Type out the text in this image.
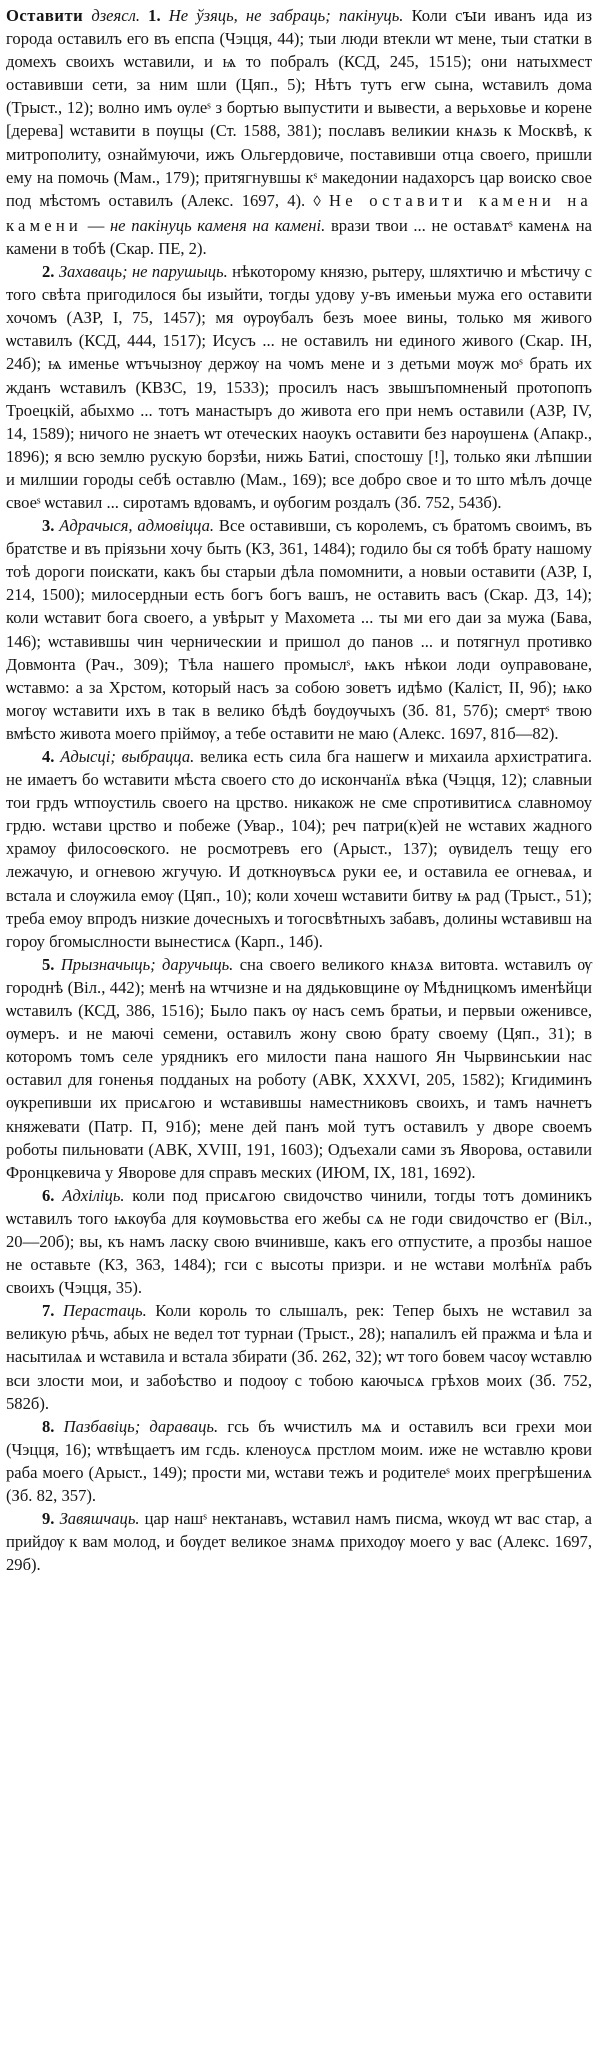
Оставити дзеясл. 1. Не ўзяць, не забраць; пакінуць. Коли сꙑи иванъ ида из города оставилъ его въ епспа (Чэцця, 44); тыи люди втекли ѡт мене, тыи статки в домехъ своихъ ѡставили, и ѩ то побралъ (КСД, 245, 1515); они натыхмест оставивши сети, за ним шли (Цяп., 5); Нѣтъ тутъ егѡ сына, ѡставилъ дома (Трыст., 12); волно имъ ѹлеˢ з бортью выпустити и вывести, а верьховье и корене [дерева] ѡставити в пѹщы (Ст. 1588, 381); пославъ великии кнѧзь к Москвѣ, к митрополиту, ознаймуючи, ижъ Ольгердовиче, поставивши отца своего, пришли ему на помочь (Мам., 179); притягнувшы кˢ македонии надахорсъ цар воиско свое под мѣстомъ оставилъ (Алекс. 1697, 4). ◊ Не оставити камени на камени — не пакінуць каменя на камені. врази твои ... не оставѧтˢ каменѧ на камени в тобѣ (Скар. ПЕ, 2).

2. Захаваць; не парушыць. нѣкоторому князю, рытеру, шляхтичю и мѣстичу с того свѣта пригодилося бы изыйти, тогды удову у-въ имењьи мужа его оставити хочомъ (АЗР, I, 75, 1457); мя ѹрѹбалъ безъ моее вины, только мя живого ѡставилъ (КСД, 444, 1517); Исусъ ... не оставилъ ни единого живого (Скар. IН, 24б); ѩ именье ѡтъчызнѹ держѹ на чомъ мене и з детьми мѹж моˢ брать их жданъ ѡставилъ (КВЗС, 19, 1533); просилъ насъ звышъпомненый протопопъ Троецкій, абыхмо ... тотъ манастыръ до живота его при немъ оставили (АЗР, IV, 14, 1589); ничого не знаетъ ѡт отеческих наоукъ оставити без нарѹшенѧ (Апакр., 1896); я всю землю рускую борзѣи, нижь Батиі, спостошу [!], только яки лѣпшии и милшии городы себѣ оставлю (Мам., 169); все добро свое и то што мѣлъ дочце своеˢ ѡставил ... сиротамъ вдовамъ, и ѹбогим роздалъ (Зб. 752, 543б).

3. Адрачыся, адмовіцца. Все оставивши, съ королемъ, съ братомъ своимъ, въ братстве и въ прiязьни хочу быть (КЗ, 361, 1484); годило бы ся тобѣ брату нашому тоѣ дороги поискати, какъ бы старыи дѣла помомнити, а новыи оставити (АЗР, I, 214, 1500); милосердныи есть богъ богъ вашъ, не оставить васъ (Скар. ДЗ, 14); коли ѡставит бога своего, а увѣрыт у Махомета ... ты ми его даи за мужа (Бава, 146); ѡставившы чин черническии и пришол до панов ... и потягнул противко Довмонта (Рач., 309); Тѣла нашего промыслˢ, ѩкъ нѣкои лоди оуправоване, ѡставмо: а за Хрстом, который насъ за собою зоветъ идѣмо (Каліст, II, 9б); ѩко могѹ ѡставити ихъ в так в велико бѣдѣ бѹдѹчыхъ (Зб. 81, 57б); смертˢ твою вмѣсто живота моего прiймѹ, а тебе оставити не маю (Алекс. 1697, 81б—82).

4. Адысці; выбрацца. велика есть сила бга нашегѡ и михаила архистратига. не имаетъ бо ѡставити мѣста своего сто до искончанїѧ вѣка (Чэцця, 12); славныи тои грдъ ѡтпоустиль своего на црство. никакож не сме спротивитисѧ славномоу грдю. ѡстави црство и побеже (Увар., 104); реч патри(к)ей не ѡставих жадного храмоу филосоѳского. не росмотревъ его (Арыст., 137); ѹвиделъ тещу его лежачую, и огневою жгучую. И доткнѹвъсѧ руки ее, и оставила ее огневаѧ, и встала и слѹжила емѹ (Цяп., 10); коли хочеш ѡставити битву ѩ рад (Трыст., 51); треба емоу впродъ низкие дочесныхъ и тогосвѣтныхъ забавъ, долины ѡставивш на гороу бгомыслности вынестисѧ (Карп., 14б).

5. Прызначыць; даручыць. сна своего великого кнѧзѧ витовта. ѡставилъ ѹ городнѣ (Віл., 442); менѣ на ѡтчизне и на дядьковщине ѹ Мѣдницкомъ именѣйци ѡставилъ (КСД, 386, 1516); Было пакъ ѹ насъ семъ братьи, и первыи оженивсе, ѹмеръ. и не маючі семени, оставилъ жону свою брату своему (Цяп., 31); в которомъ томъ селе урядникъ его милости пана нашого Ян Чырвинськии нас оставил для гоненья подданых на роботу (АВК, XXXVI, 205, 1582); Кгидиминъ ѹкрепивши их присѧгою и ѡставившы наместниковъ своихъ, и тамъ начнетъ княжевати (Патр. П, 91б); мене дей панъ мой тутъ оставилъ у дворе своемъ роботы пильновати (АВК, XVIII, 191, 1603); Одъехали сами зъ Яворова, оставили Фронцкевича у Яворове для справъ меских (ИЮМ, IX, 181, 1692).

6. Адхіліць. коли под присѧгою свидочство чинили, тогды тотъ доминикъ ѡставилъ того ѩкѹба для кѹмовьства его жебы сѧ не годи свидочство ег (Віл., 20—20б); вы, къ намъ ласку свою вчинивше, какъ его отпустите, а прозбы нашое не оставьте (КЗ, 363, 1484); гси с высоты призри. и не ѡстави молѣнїѧ рабъ своихъ (Чэцця, 35).

7. Перастаць. Коли король то слышалъ, рек: Тепер быхъ не ѡставил за великую рѣчь, абых не ведел тот турнаи (Трыст., 28); напалилъ ей пражма и ѣла и насытилаѧ и ѡставила и встала збирати (Зб. 262, 32); ѡт того бовем часѹ ѡставлю вси злости мои, и забоѣство и подоѹ с тобою каючысѧ грѣхов моих (Зб. 752, 582б).

8. Пазбавіць; дараваць. гсь бъ ѡчистилъ мѧ и оставилъ вси грехи мои (Чэцця, 16); ѡтвѣщаетъ им гсдь. кленоусѧ прстлом моим. иже не ѡставлю крови раба моего (Арыст., 149); прости ми, ѡстави тежъ и родителеˢ моих прегрѣшениѧ (Зб. 82, 357).

9. Завяшчаць. цар нашˢ нектанавъ, ѡставил намъ писма, ѡкѹд ѡт вас стар, а прийдѹ к вам молод, и бѹдет великое знамѧ приходѹ моего у вас (Алекс. 1697, 29б).
